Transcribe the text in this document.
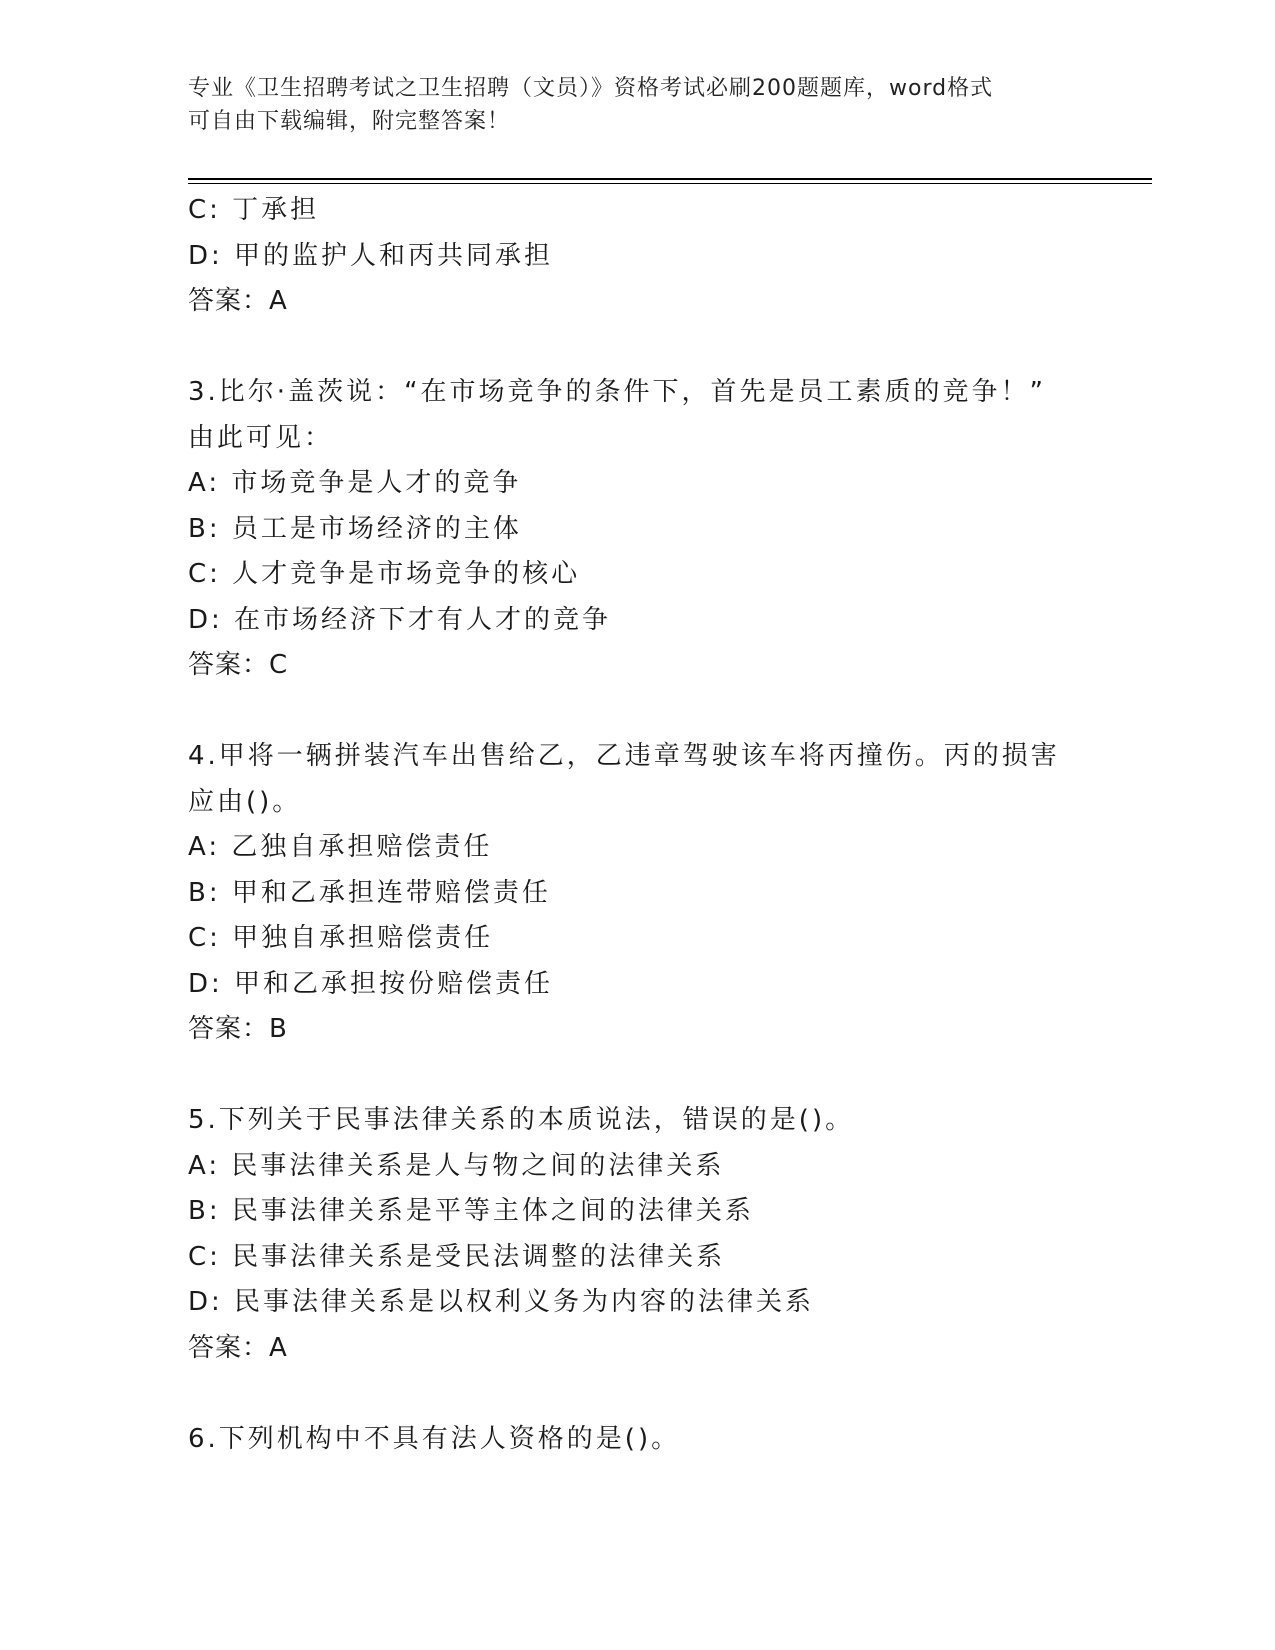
专业《卫生招聘考试之卫生招聘（文员）》资格考试必刷200题题库，word格式
可自由下载编辑，附完整答案！
C: 丁承担
D: 甲的监护人和丙共同承担
答案：A
3.比尔·盖茨说：“在市场竞争的条件下，首先是员工素质的竞争！”
由此可见：
A: 市场竞争是人才的竞争
B: 员工是市场经济的主体
C: 人才竞争是市场竞争的核心
D: 在市场经济下才有人才的竞争
答案：C
4.甲将一辆拼装汽车出售给乙，乙违章驾驶该车将丙撞伤。丙的损害
应由()。
A: 乙独自承担赔偿责任
B: 甲和乙承担连带赔偿责任
C: 甲独自承担赔偿责任
D: 甲和乙承担按份赔偿责任
答案：B
5.下列关于民事法律关系的本质说法，错误的是()。
A: 民事法律关系是人与物之间的法律关系
B: 民事法律关系是平等主体之间的法律关系
C: 民事法律关系是受民法调整的法律关系
D: 民事法律关系是以权利义务为内容的法律关系
答案：A
6.下列机构中不具有法人资格的是()。
